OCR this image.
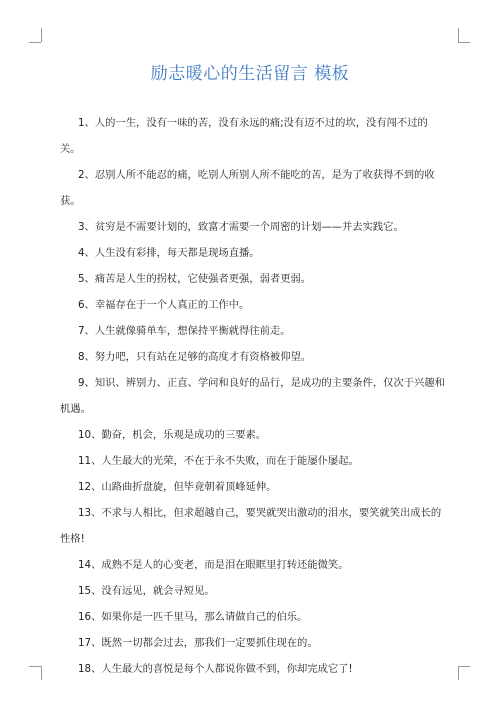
励志暖心的生活留言 模板

1、人的一生，没有一味的苦，没有永远的痛;没有迈不过的坎，没有闯不过的关。

2、忍别人所不能忍的痛，吃别人所别人所不能吃的苦，是为了收获得不到的收获。

3、贫穷是不需要计划的，致富才需要一个周密的计划——并去实践它。

4、人生没有彩排，每天都是现场直播。

5、痛苦是人生的拐杖，它使强者更强，弱者更弱。

6、幸福存在于一个人真正的工作中。

7、人生就像骑单车，想保持平衡就得往前走。

8、努力吧，只有站在足够的高度才有资格被仰望。

9、知识、辨别力、正直、学问和良好的品行，是成功的主要条件，仅次于兴趣和机遇。

10、勤奋，机会，乐观是成功的三要素。

11、人生最大的光荣，不在于永不失败，而在于能屡仆屡起。

12、山路曲折盘旋，但毕竟朝着顶峰延伸。

13、不求与人相比，但求超越自己，要哭就哭出激动的泪水，要笑就笑出成长的性格!

14、成熟不是人的心变老，而是泪在眼眶里打转还能微笑。

15、没有远见，就会寻短见。

16、如果你是一匹千里马，那么请做自己的伯乐。

17、既然一切都会过去，那我们一定要抓住现在的。

18、人生最大的喜悦是每个人都说你做不到，你却完成它了!
